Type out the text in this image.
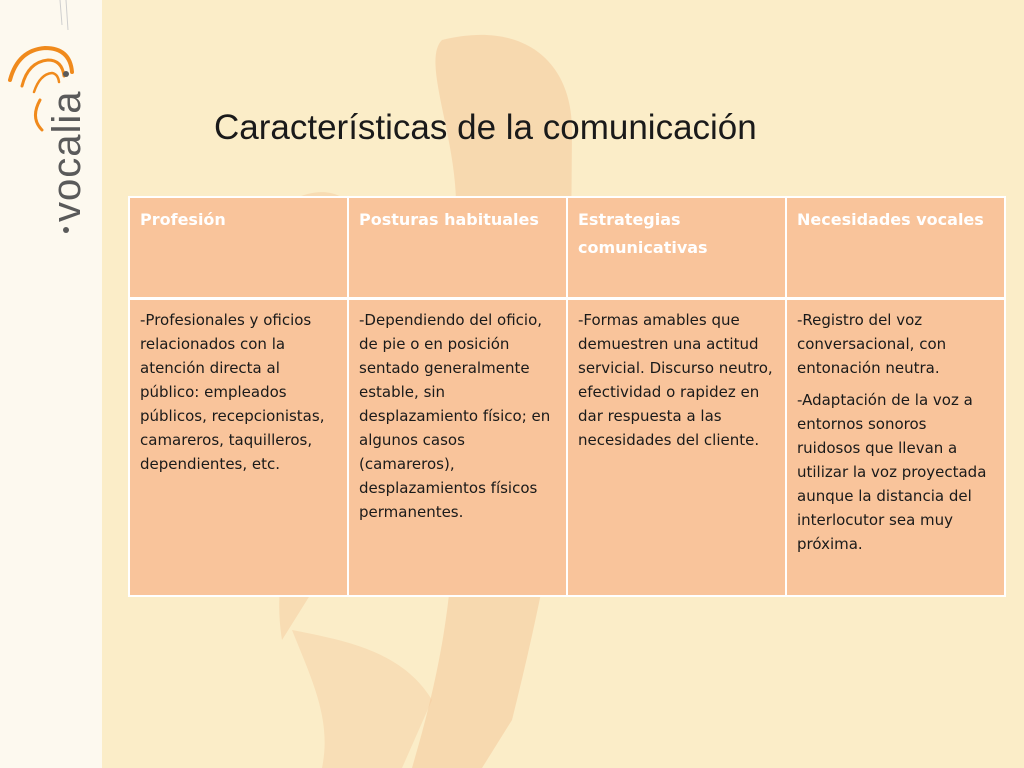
vocalia	Características de la comunicación
Profesión	Posturas habituales	Estrategias comunicativas	Necesidades vocales
-Profesionales y oficios relacionados con la atención directa al público: empleados públicos, recepcionistas, camareros, taquilleros, dependientes, etc.	-Dependiendo del oficio, de pie o en posición sentado generalmente estable, sin desplazamiento físico; en algunos casos (camareros), desplazamientos físicos permanentes.	-Formas amables que demuestren una actitud servicial. Discurso neutro, efectividad o rapidez en dar respuesta a las necesidades del cliente.	-Registro del voz conversacional, con entonación neutra.
-Adaptación de la voz a entornos sonoros ruidosos que llevan a utilizar la voz proyectada aunque la distancia del interlocutor sea muy próxima.
